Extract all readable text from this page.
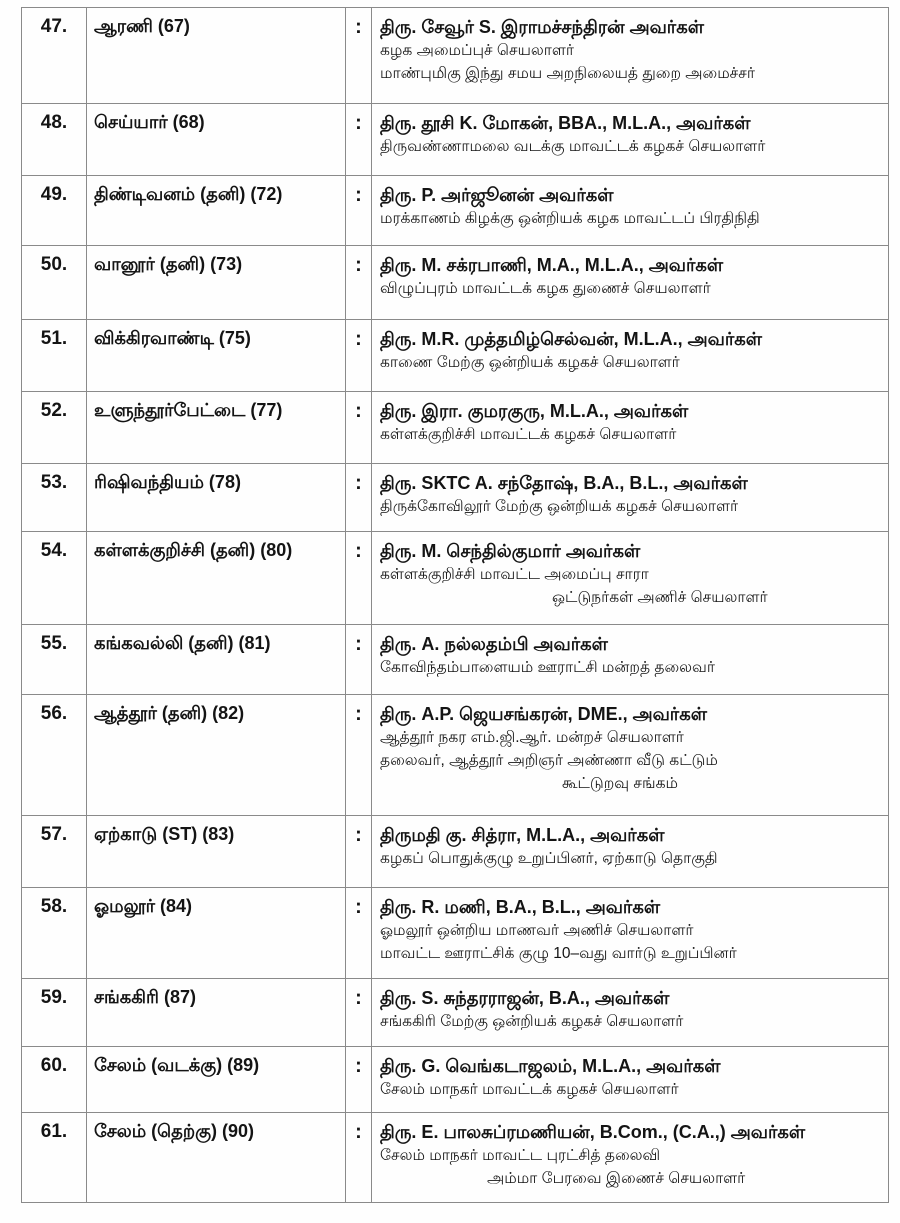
47.	ஆரணி (67)	:	திரு. சேவூர் S. இராமச்சந்திரன் அவர்கள்
கழக அமைப்புச் செயலாளர்
மாண்புமிகு இந்து சமய அறநிலையத் துறை அமைச்சர்

48.	செய்யார் (68)	:	திரு. தூசி K. மோகன், BBA., M.L.A., அவர்கள்
திருவண்ணாமலை வடக்கு மாவட்டக் கழகச் செயலாளர்

49.	திண்டிவனம் (தனி) (72)	:	திரு. P. அர்ஜூனன் அவர்கள்
மரக்காணம் கிழக்கு ஒன்றியக் கழக மாவட்டப் பிரதிநிதி

50.	வானூர் (தனி) (73)	:	திரு. M. சக்ரபாணி, M.A., M.L.A., அவர்கள்
விழுப்புரம் மாவட்டக் கழக துணைச் செயலாளர்

51.	விக்கிரவாண்டி (75)	:	திரு. M.R. முத்தமிழ்செல்வன், M.L.A., அவர்கள்
காணை மேற்கு ஒன்றியக் கழகச் செயலாளர்

52.	உளுந்தூர்பேட்டை (77)	:	திரு. இரா. குமரகுரு, M.L.A., அவர்கள்
கள்ளக்குறிச்சி மாவட்டக் கழகச் செயலாளர்

53.	ரிஷிவந்தியம் (78)	:	திரு. SKTC A. சந்தோஷ், B.A., B.L., அவர்கள்
திருக்கோவிலூர் மேற்கு ஒன்றியக் கழகச் செயலாளர்

54.	கள்ளக்குறிச்சி (தனி) (80)	:	திரு. M. செந்தில்குமார் அவர்கள்
கள்ளக்குறிச்சி மாவட்ட அமைப்பு சாரா
ஒட்டுநர்கள் அணிச் செயலாளர்

55.	கங்கவல்லி (தனி) (81)	:	திரு. A. நல்லதம்பி அவர்கள்
கோவிந்தம்பாளையம் ஊராட்சி மன்றத் தலைவர்

56.	ஆத்தூர் (தனி) (82)	:	திரு. A.P. ஜெயசங்கரன், DME., அவர்கள்
ஆத்தூர் நகர எம்.ஜி.ஆர். மன்றச் செயலாளர்
தலைவர், ஆத்தூர் அறிஞர் அண்ணா வீடு கட்டும்
கூட்டுறவு சங்கம்

57.	ஏற்காடு (ST) (83)	:	திருமதி கு. சித்ரா, M.L.A., அவர்கள்
கழகப் பொதுக்குழு உறுப்பினர், ஏற்காடு தொகுதி

58.	ஓமலூர் (84)	:	திரு. R. மணி, B.A., B.L., அவர்கள்
ஓமலூர் ஒன்றிய மாணவர் அணிச் செயலாளர்
மாவட்ட ஊராட்சிக் குழு 10–வது வார்டு உறுப்பினர்

59.	சங்ககிரி (87)	:	திரு. S. சுந்தரராஜன், B.A., அவர்கள்
சங்ககிரி மேற்கு ஒன்றியக் கழகச் செயலாளர்

60.	சேலம் (வடக்கு) (89)	:	திரு. G. வெங்கடாஜலம், M.L.A., அவர்கள்
சேலம் மாநகர் மாவட்டக் கழகச் செயலாளர்

61.	சேலம் (தெற்கு) (90)	:	திரு. E. பாலசுப்ரமணியன், B.Com., (C.A.,) அவர்கள்
சேலம் மாநகர் மாவட்ட புரட்சித் தலைவி
அம்மா பேரவை இணைச் செயலாளர்
